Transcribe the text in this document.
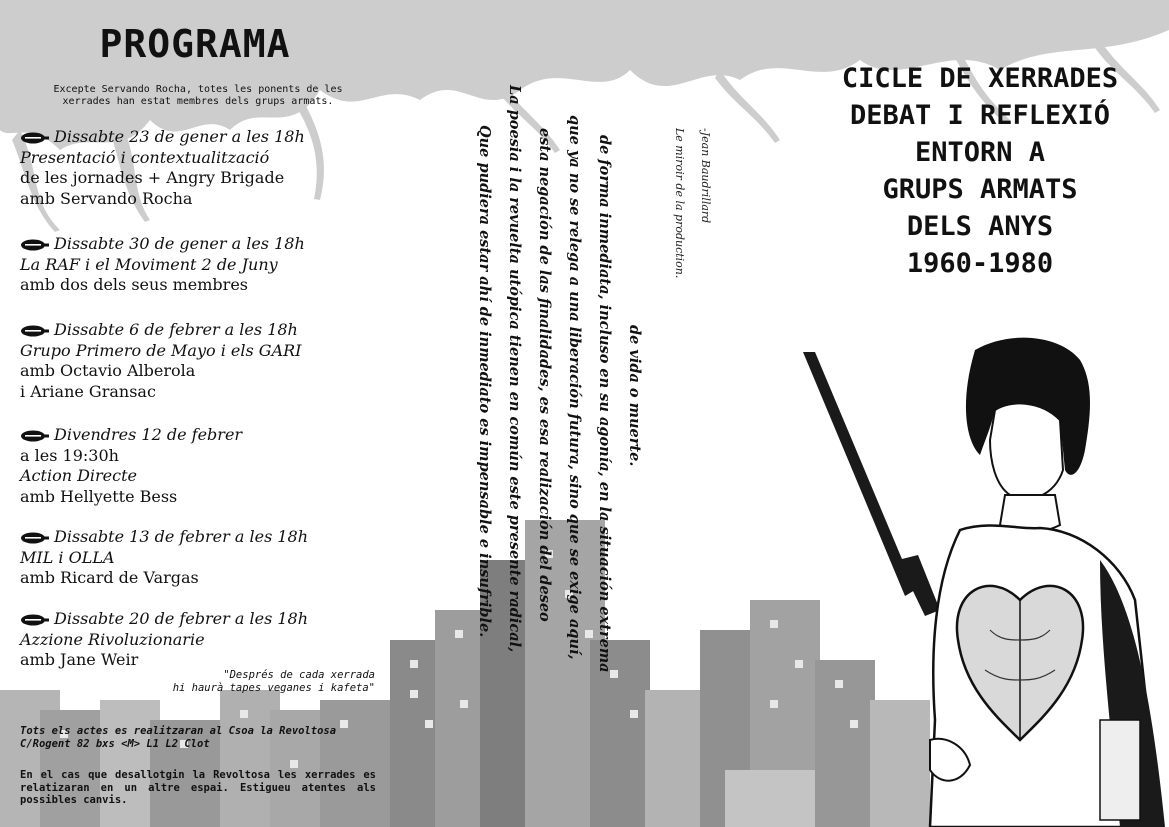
PROGRAMA
Excepte Servando Rocha, totes les ponents de les xerrades han estat membres dels grups armats.
Dissabte 23 de gener a les 18h
Presentació i contextualització
de les jornades + Angry Brigade
amb Servando Rocha
Dissabte 30 de gener a les 18h
La RAF i el Moviment 2 de Juny
amb dos dels seus membres
Dissabte 6 de febrer a les 18h
Grupo Primero de Mayo i els GARI
amb Octavio Alberola
i Ariane Gransac
Divendres 12 de febrer
a les 19:30h
Action Directe
amb Hellyette Bess
Dissabte 13 de febrer a les 18h
MIL i OLLA
amb Ricard de Vargas
Dissabte 20 de febrer a les 18h
Azzione Rivoluzionarie
amb Jane Weir
"Després de cada xerrada
hi haurà tapes veganes i kafeta"
Tots els actes es realitzaran al Csoa la Revoltosa C/Rogent 82 bxs <M> L1 L2 Clot
En el cas que desallotgin la Revoltosa les xerrades es relatizaran en un altre espai. Estigueu atentes als possibles canvis.
Que pudiera estar ahí de inmediato es impensable e insufrible. La poesia i la revuelta utópica tienen en común este presente radical, esta negación de las finalidades, es esa realización del deseo que ya no se relega a una liberación futura, sino que se exige aquí, de forma inmediata, incluso en su agonía, en la situación extrema de vida o muerte.
Le miroir de la production. -Jean Baudrillard
CICLE DE XERRADES
DEBAT I REFLEXIÓ
ENTORN A
GRUPS ARMATS
DELS ANYS
1960-1980
